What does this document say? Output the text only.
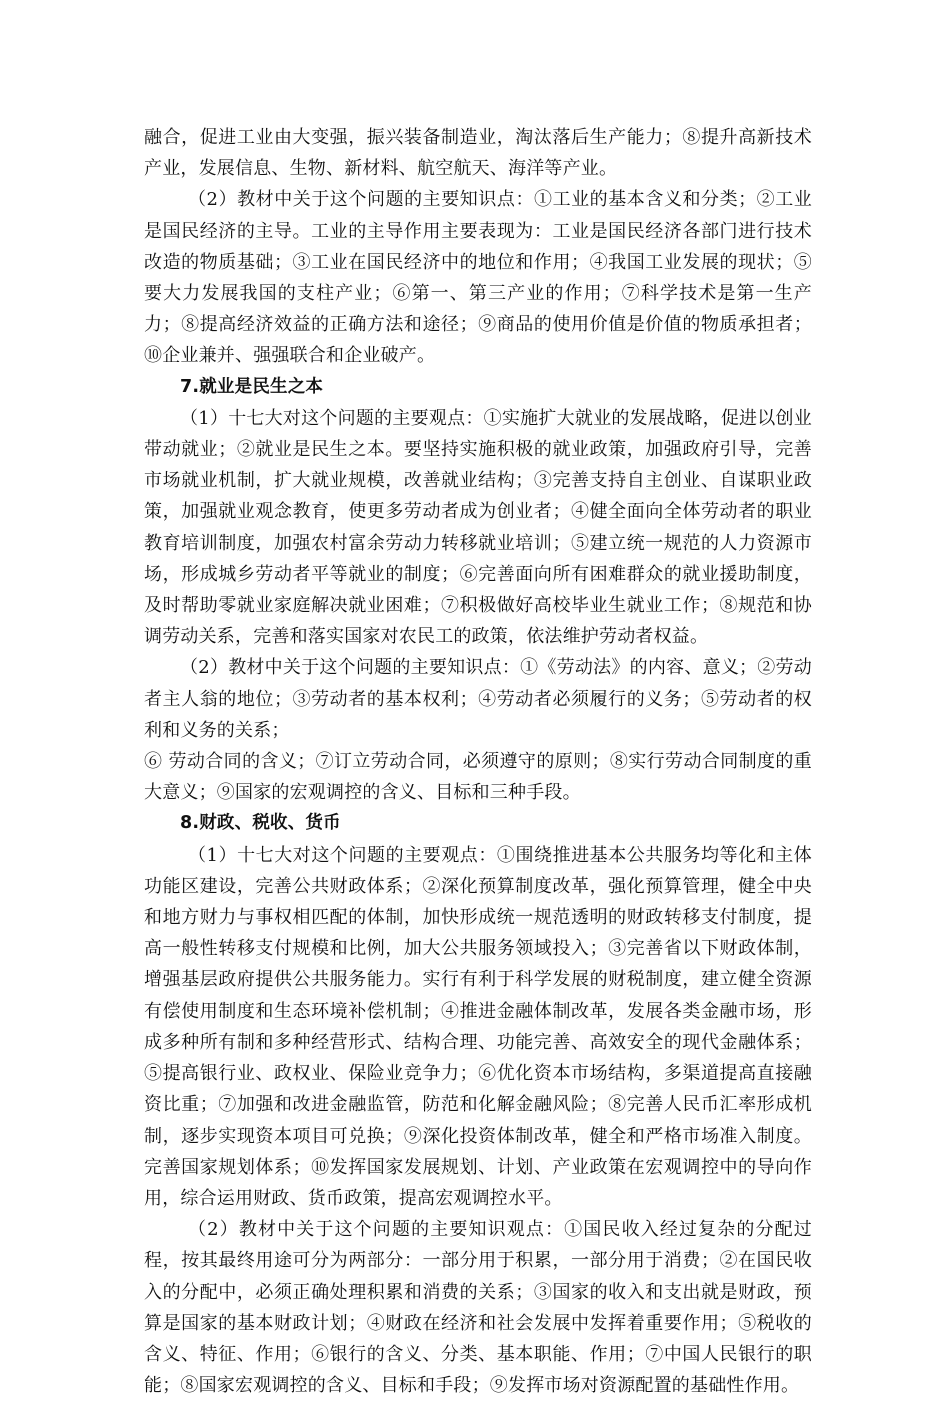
融合，促进工业由大变强，振兴装备制造业，淘汰落后生产能力；⑧提升高新技术产业，发展信息、生物、新材料、航空航天、海洋等产业。

（2）教材中关于这个问题的主要知识点：①工业的基本含义和分类；②工业是国民经济的主导。工业的主导作用主要表现为：工业是国民经济各部门进行技术改造的物质基础；③工业在国民经济中的地位和作用；④我国工业发展的现状；⑤要大力发展我国的支柱产业；⑥第一、第三产业的作用；⑦科学技术是第一生产力；⑧提高经济效益的正确方法和途径；⑨商品的使用价值是价值的物质承担者；⑩企业兼并、强强联合和企业破产。

7.就业是民生之本

（1）十七大对这个问题的主要观点：①实施扩大就业的发展战略，促进以创业带动就业；②就业是民生之本。要坚持实施积极的就业政策，加强政府引导，完善市场就业机制，扩大就业规模，改善就业结构；③完善支持自主创业、自谋职业政策，加强就业观念教育，使更多劳动者成为创业者；④健全面向全体劳动者的职业教育培训制度，加强农村富余劳动力转移就业培训；⑤建立统一规范的人力资源市场，形成城乡劳动者平等就业的制度；⑥完善面向所有困难群众的就业援助制度，及时帮助零就业家庭解决就业困难；⑦积极做好高校毕业生就业工作；⑧规范和协调劳动关系，完善和落实国家对农民工的政策，依法维护劳动者权益。

（2）教材中关于这个问题的主要知识点：①《劳动法》的内容、意义；②劳动者主人翁的地位；③劳动者的基本权利；④劳动者必须履行的义务；⑤劳动者的权利和义务的关系；

⑥ 劳动合同的含义；⑦订立劳动合同，必须遵守的原则；⑧实行劳动合同制度的重大意义；⑨国家的宏观调控的含义、目标和三种手段。

8.财政、税收、货币

（1）十七大对这个问题的主要观点：①围绕推进基本公共服务均等化和主体功能区建设，完善公共财政体系；②深化预算制度改革，强化预算管理，健全中央和地方财力与事权相匹配的体制，加快形成统一规范透明的财政转移支付制度，提高一般性转移支付规模和比例，加大公共服务领域投入；③完善省以下财政体制，增强基层政府提供公共服务能力。实行有利于科学发展的财税制度，建立健全资源有偿使用制度和生态环境补偿机制；④推进金融体制改革，发展各类金融市场，形成多种所有制和多种经营形式、结构合理、功能完善、高效安全的现代金融体系；⑤提高银行业、政权业、保险业竞争力；⑥优化资本市场结构，多渠道提高直接融资比重；⑦加强和改进金融监管，防范和化解金融风险；⑧完善人民币汇率形成机制，逐步实现资本项目可兑换；⑨深化投资体制改革，健全和严格市场准入制度。完善国家规划体系；⑩发挥国家发展规划、计划、产业政策在宏观调控中的导向作用，综合运用财政、货币政策，提高宏观调控水平。

（2）教材中关于这个问题的主要知识观点：①国民收入经过复杂的分配过程，按其最终用途可分为两部分：一部分用于积累，一部分用于消费；②在国民收入的分配中，必须正确处理积累和消费的关系；③国家的收入和支出就是财政，预算是国家的基本财政计划；④财政在经济和社会发展中发挥着重要作用；⑤税收的含义、特征、作用；⑥银行的含义、分类、基本职能、作用；⑦中国人民银行的职能；⑧国家宏观调控的含义、目标和手段；⑨发挥市场对资源配置的基础性作用。
